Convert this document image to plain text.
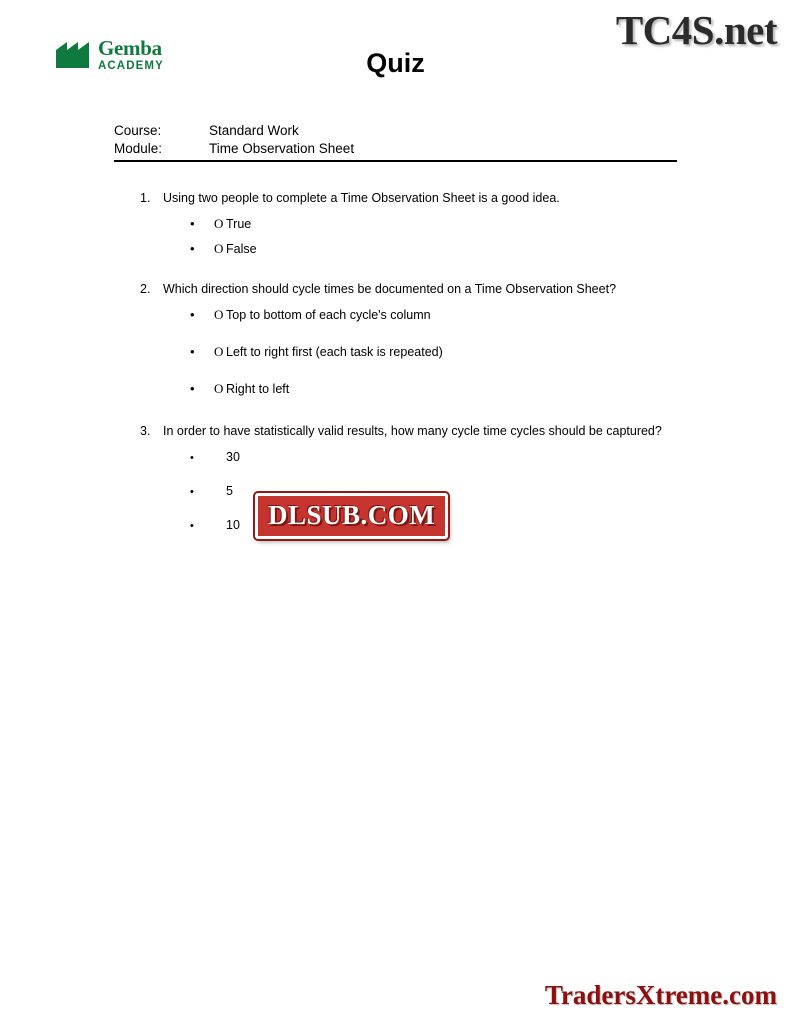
TC4S.net
Gemba
ACADEMY	Quiz
Course:	Standard Work
Module:	Time Observation Sheet
1.	Using two people to complete a Time Observation Sheet is a good idea.
•	O True
•	O False
2.	Which direction should cycle times be documented on a Time Observation Sheet?
•	O Top to bottom of each cycle's column
•	O Left to right first (each task is repeated)
•	O Right to left
3.	In order to have statistically valid results, how many cycle time cycles should be captured?
•	30
•	5
•	10	DLSUB.COM
TradersXtreme.com
